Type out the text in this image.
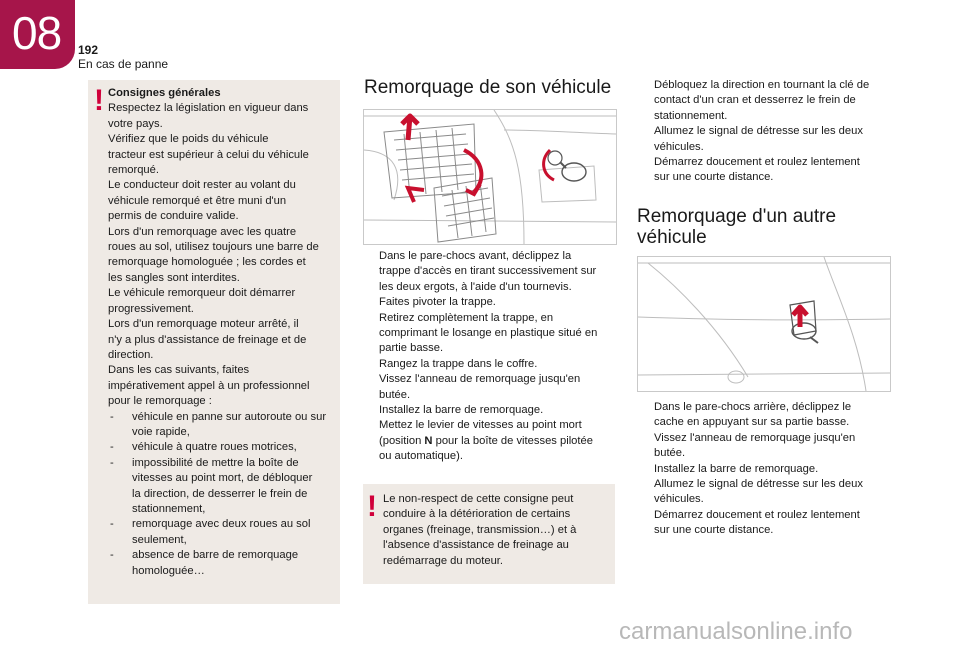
08 192
En cas de panne
! Consignes générales
Respectez la législation en vigueur dans
votre pays.
Vérifiez que le poids du véhicule
tracteur est supérieur à celui du véhicule
remorqué.
Le conducteur doit rester au volant du
véhicule remorqué et être muni d'un
permis de conduire valide.
Lors d'un remorquage avec les quatre
roues au sol, utilisez toujours une barre de
remorquage homologuée ; les cordes et
les sangles sont interdites.
Le véhicule remorqueur doit démarrer
progressivement.
Lors d'un remorquage moteur arrêté, il
n'y a plus d'assistance de freinage et de
direction.
Dans les cas suivants, faites
impérativement appel à un professionnel
pour le remorquage :
-	véhicule en panne sur autoroute ou sur
voie rapide,
-	véhicule à quatre roues motrices,
-	impossibilité de mettre la boîte de
vitesses au point mort, de débloquer
la direction, de desserrer le frein de
stationnement,
-	remorquage avec deux roues au sol
seulement,
-	absence de barre de remorquage
homologuée…
Remorquage de son véhicule
Dans le pare-chocs avant, déclippez la
trappe d'accès en tirant successivement sur
les deux ergots, à l'aide d'un tournevis.
Faites pivoter la trappe.
Retirez complètement la trappe, en
comprimant le losange en plastique situé en
partie basse.
Rangez la trappe dans le coffre.
Vissez l'anneau de remorquage jusqu'en
butée.
Installez la barre de remorquage.
Mettez le levier de vitesses au point mort
(position N pour la boîte de vitesses pilotée
ou automatique).
! Le non-respect de cette consigne peut
conduire à la détérioration de certains
organes (freinage, transmission…) et à
l'absence d'assistance de freinage au
redémarrage du moteur.
Débloquez la direction en tournant la clé de
contact d'un cran et desserrez le frein de
stationnement.
Allumez le signal de détresse sur les deux
véhicules.
Démarrez doucement et roulez lentement
sur une courte distance.
Remorquage d'un autre
véhicule
Dans le pare-chocs arrière, déclippez le
cache en appuyant sur sa partie basse.
Vissez l'anneau de remorquage jusqu'en
butée.
Installez la barre de remorquage.
Allumez le signal de détresse sur les deux
véhicules.
Démarrez doucement et roulez lentement
sur une courte distance.
carmanualsonline.info
